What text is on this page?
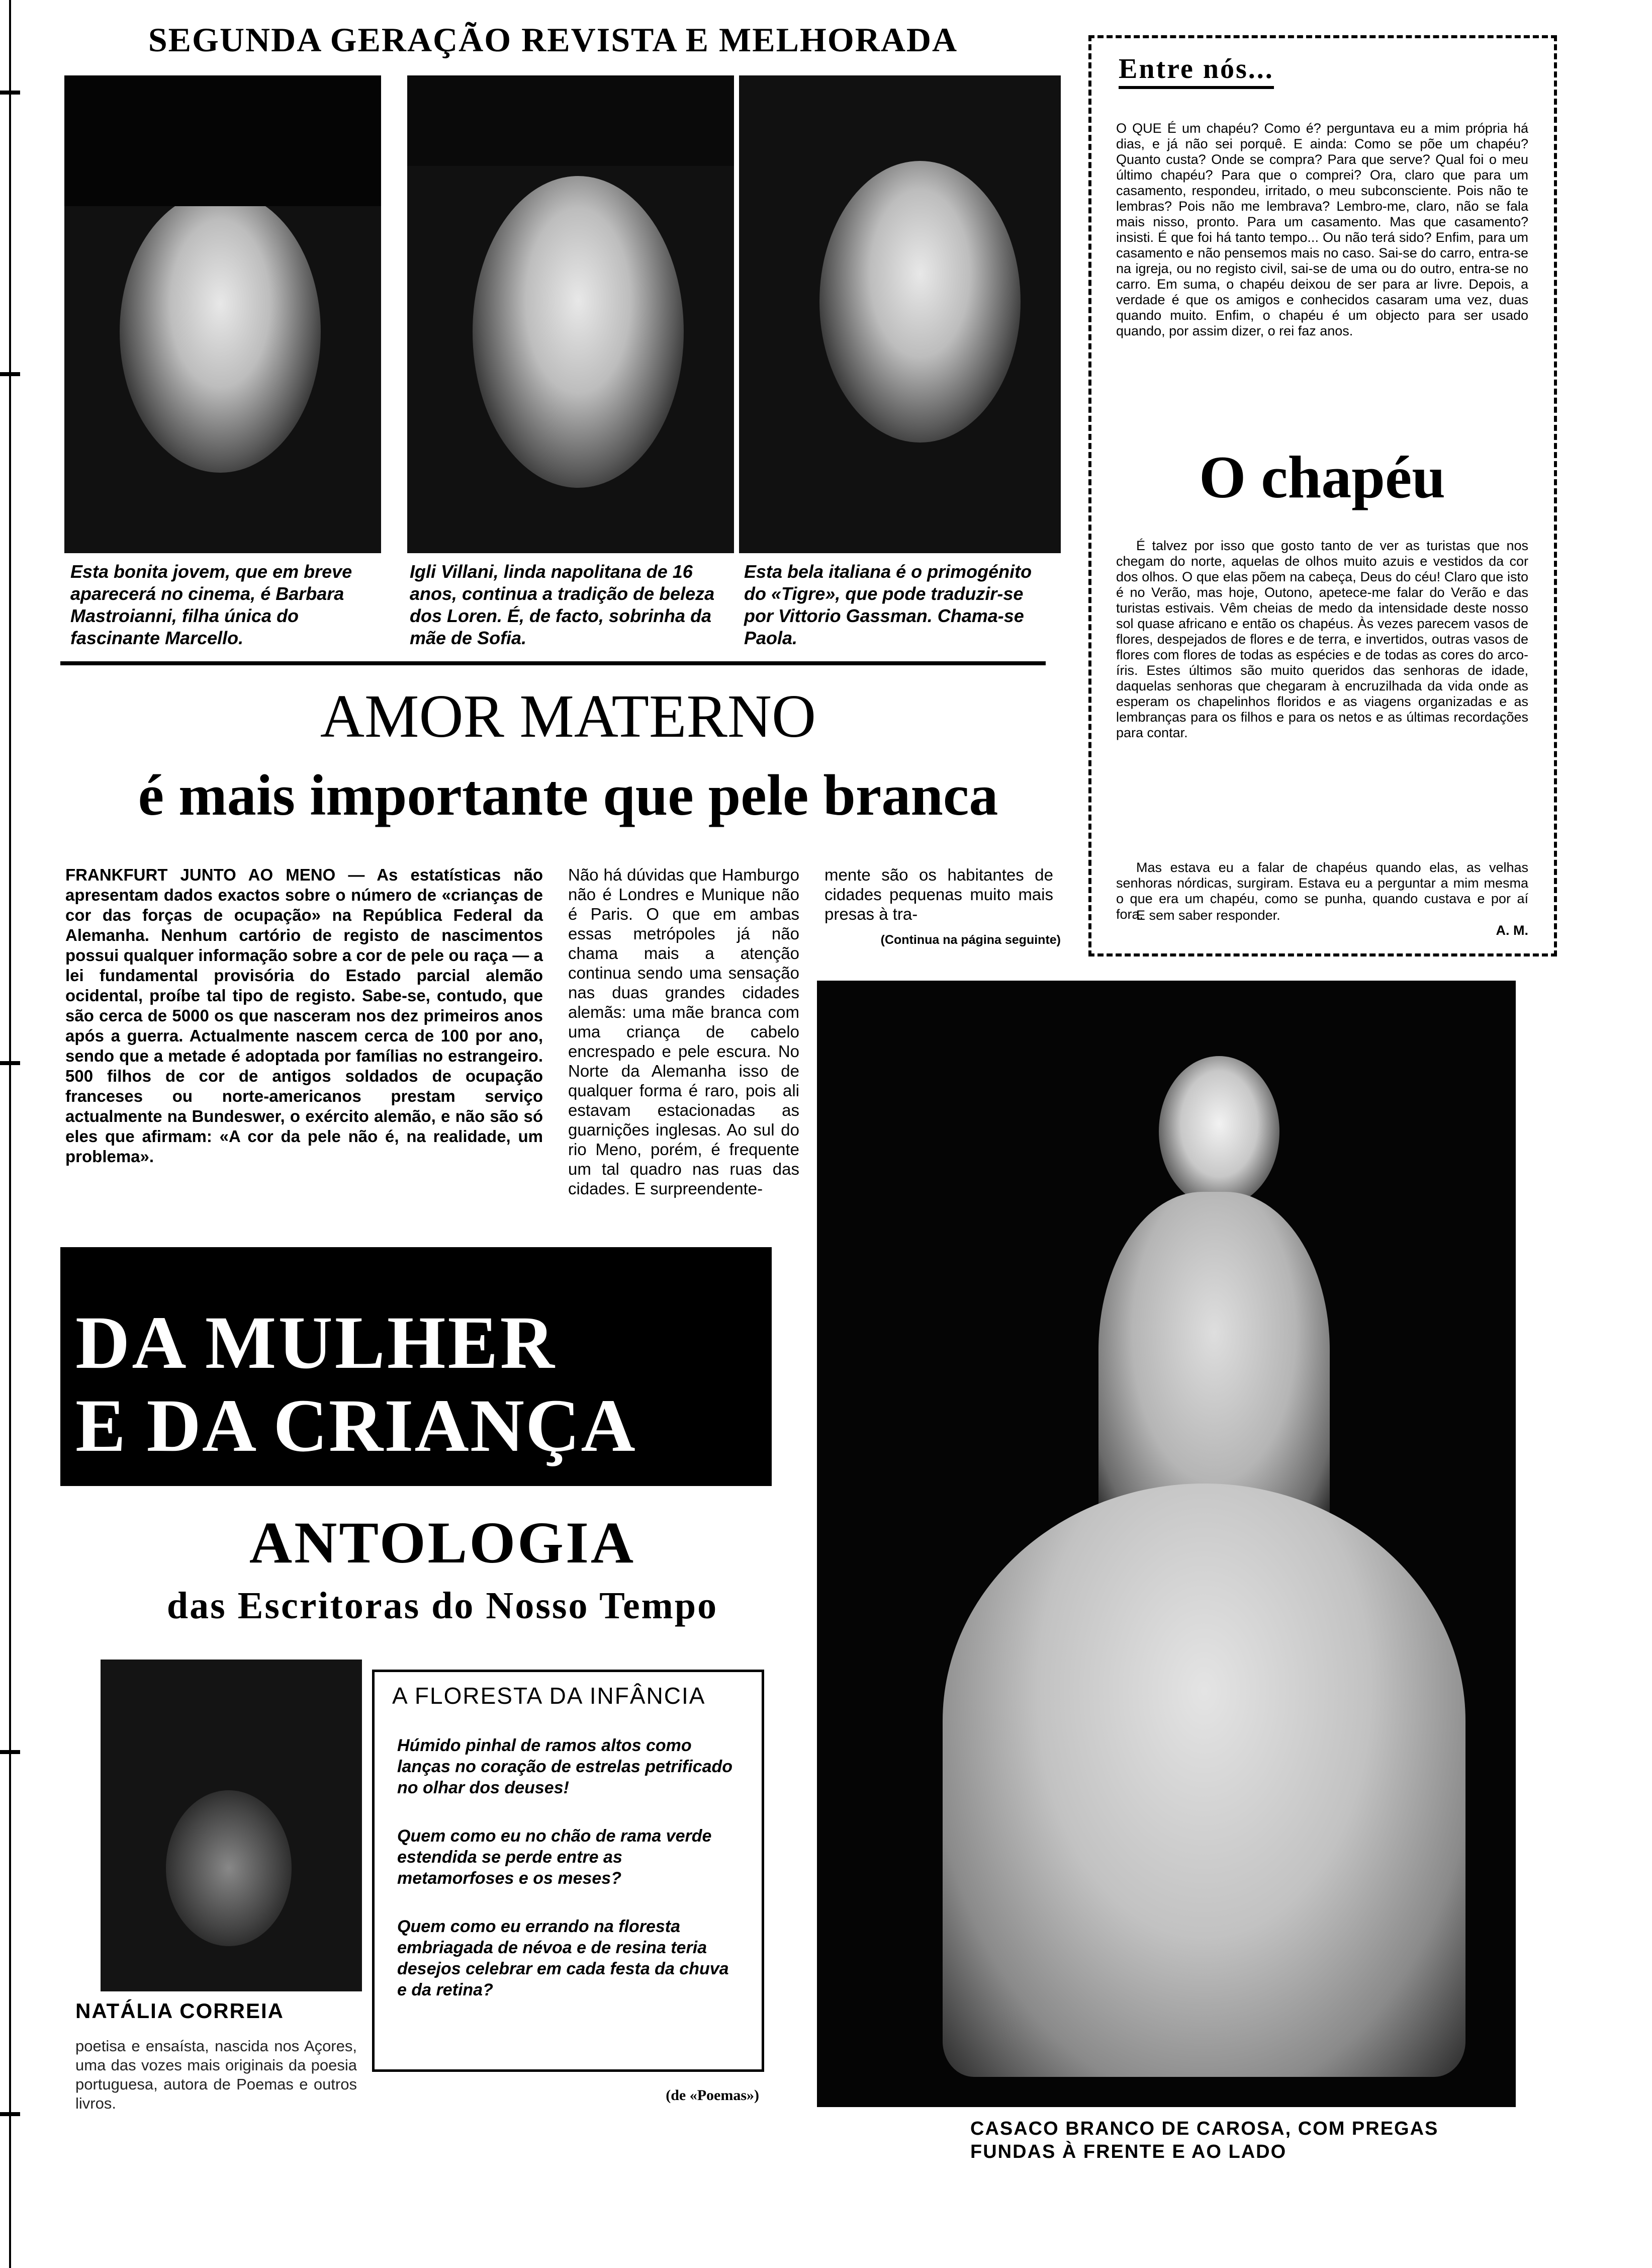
SEGUNDA GERAÇÃO REVISTA E MELHORADA
Esta bonita jovem, que em breve aparecerá no cinema, é Barbara Mastroianni, filha única do fascinante Marcello.
Igli Villani, linda napolitana de 16 anos, continua a tradição de beleza dos Loren. É, de facto, sobrinha da mãe de Sofia.
Esta bela italiana é o primogénito do «Tigre», que pode traduzir-se por Vittorio Gassman. Chama-se Paola.
Entre nós...
O QUE É um chapéu? Como é? perguntava eu a mim própria há dias, e já não sei porquê. E ainda: Como se põe um chapéu? Quanto custa? Onde se compra? Para que serve? Qual foi o meu último chapéu? Para que o comprei? Ora, claro que para um casamento, respondeu, irritado, o meu subconsciente. Pois não te lembras? Pois não me lembrava? Lembro-me, claro, não se fala mais nisso, pronto. Para um casamento. Mas que casamento? insisti. É que foi há tanto tempo... Ou não terá sido? Enfim, para um casamento e não pensemos mais no caso. Sai-se do carro, entra-se na igreja, ou no registo civil, sai-se de uma ou do outro, entra-se no carro. Em suma, o chapéu deixou de ser para ar livre. Depois, a verdade é que os amigos e conhecidos casaram uma vez, duas quando muito. Enfim, o chapéu é um objecto para ser usado quando, por assim dizer, o rei faz anos.
O chapéu
É talvez por isso que gosto tanto de ver as turistas que nos chegam do norte, aquelas de olhos muito azuis e vestidos da cor dos olhos. O que elas põem na cabeça, Deus do céu! Claro que isto é no Verão, mas hoje, Outono, apetece-me falar do Verão e das turistas estivais. Vêm cheias de medo da intensidade deste nosso sol quase africano e então os chapéus. Às vezes parecem vasos de flores, despejados de flores e de terra, e invertidos, outras vasos de flores com flores de todas as espécies e de todas as cores do arco-íris. Estes últimos são muito queridos das senhoras de idade, daquelas senhoras que chegaram à encruzilhada da vida onde as esperam os chapelinhos floridos e as viagens organizadas e as lembranças para os filhos e para os netos e as últimas recordações para contar.
Mas estava eu a falar de chapéus quando elas, as velhas senhoras nórdicas, surgiram. Estava eu a perguntar a mim mesma o que era um chapéu, como se punha, quando custava e por aí fora.
E sem saber responder.
A. M.
AMOR MATERNO
é mais importante que pele branca
FRANKFURT JUNTO AO MENO — As estatísticas não apresentam dados exactos sobre o número de «crianças de cor das forças de ocupação» na República Federal da Alemanha. Nenhum cartório de registo de nascimentos possui qualquer informação sobre a cor de pele ou raça — a lei fundamental provisória do Estado parcial alemão ocidental, proíbe tal tipo de registo. Sabe-se, contudo, que são cerca de 5000 os que nasceram nos dez primeiros anos após a guerra. Actualmente nascem cerca de 100 por ano, sendo que a metade é adoptada por famílias no estrangeiro. 500 filhos de cor de antigos soldados de ocupação franceses ou norte-americanos prestam serviço actualmente na Bundeswer, o exército alemão, e não são só eles que afirmam: «A cor da pele não é, na realidade, um problema».
Não há dúvidas que Hamburgo não é Londres e Munique não é Paris. O que em ambas essas metrópoles já não chama mais a atenção continua sendo uma sensação nas duas grandes cidades alemãs: uma mãe branca com uma criança de cabelo encrespado e pele escura. No Norte da Alemanha isso de qualquer forma é raro, pois ali estavam estacionadas as guarnições inglesas. Ao sul do rio Meno, porém, é frequente um tal quadro nas ruas das cidades. E surpreendente-
mente são os habitantes de cidades pequenas muito mais presas à tra-
(Continua na página seguinte)
DA MULHER
E DA CRIANÇA
ANTOLOGIA
das Escritoras do Nosso Tempo
NATÁLIA CORREIA
poetisa e ensaísta, nascida nos Açores, uma das vozes mais originais da poesia portuguesa, autora de Poemas e outros livros.
A FLORESTA DA INFÂNCIA
Húmido pinhal de ramos altos como lanças no coração de estrelas petrificado no olhar dos deuses!
Quem como eu no chão de rama verde estendida se perde entre as metamorfoses e os meses?
Quem como eu errando na floresta embriagada de névoa e de resina teria desejos celebrar em cada festa da chuva e da retina?
(de «Poemas»)
CASACO BRANCO DE CAROSA, COM PREGAS FUNDAS À FRENTE E AO LADO
